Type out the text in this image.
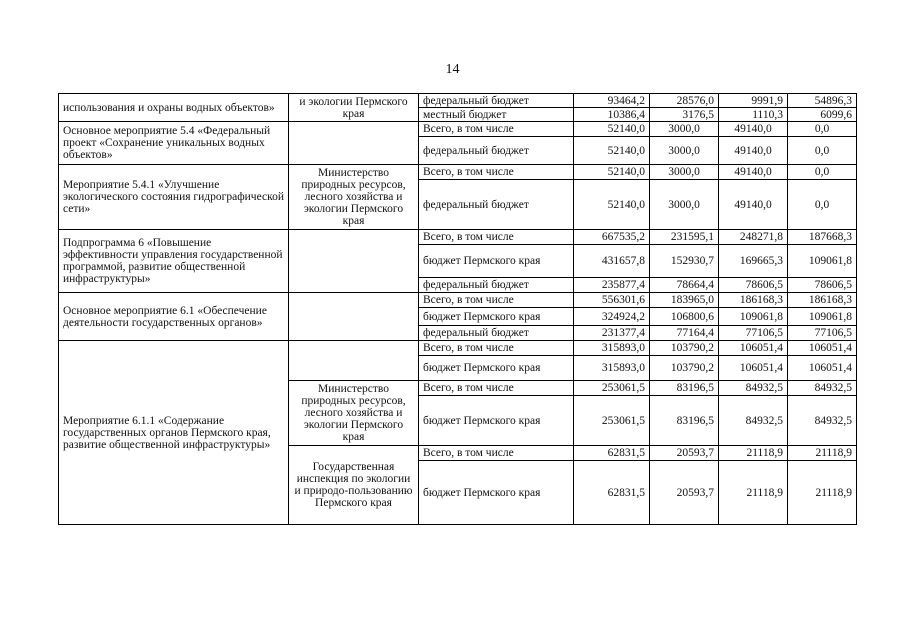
14
использования и охраны водных объектов»	и экологии Пермского края	федеральный бюджет	93464,2	28576,0	9991,9	54896,3
		местный бюджет	10386,4	3176,5	1110,3	6099,6
Основное мероприятие 5.4 «Федеральный проект «Сохранение уникальных водных объектов»		Всего, в том числе	52140,0	3000,0	49140,0	0,0
		федеральный бюджет	52140,0	3000,0	49140,0	0,0
Мероприятие 5.4.1 «Улучшение экологического состояния гидрографической сети»	Министерство природных ресурсов, лесного хозяйства и экологии Пермского края	Всего, в том числе	52140,0	3000,0	49140,0	0,0
		федеральный бюджет	52140,0	3000,0	49140,0	0,0
Подпрограмма 6 «Повышение эффективности управления государственной программой, развитие общественной инфраструктуры»		Всего, в том числе	667535,2	231595,1	248271,8	187668,3
		бюджет Пермского края	431657,8	152930,7	169665,3	109061,8
		федеральный бюджет	235877,4	78664,4	78606,5	78606,5
Основное мероприятие 6.1 «Обеспечение деятельности государственных органов»		Всего, в том числе	556301,6	183965,0	186168,3	186168,3
		бюджет Пермского края	324924,2	106800,6	109061,8	109061,8
		федеральный бюджет	231377,4	77164,4	77106,5	77106,5
Мероприятие 6.1.1 «Содержание государственных органов Пермского края, развитие общественной инфраструктуры»		Всего, в том числе	315893,0	103790,2	106051,4	106051,4
		бюджет Пермского края	315893,0	103790,2	106051,4	106051,4
	Министерство природных ресурсов, лесного хозяйства и экологии Пермского края	Всего, в том числе	253061,5	83196,5	84932,5	84932,5
		бюджет Пермского края	253061,5	83196,5	84932,5	84932,5
	Государственная инспекция по экологии и природо-пользованию Пермского края	Всего, в том числе	62831,5	20593,7	21118,9	21118,9
		бюджет Пермского края	62831,5	20593,7	21118,9	21118,9
